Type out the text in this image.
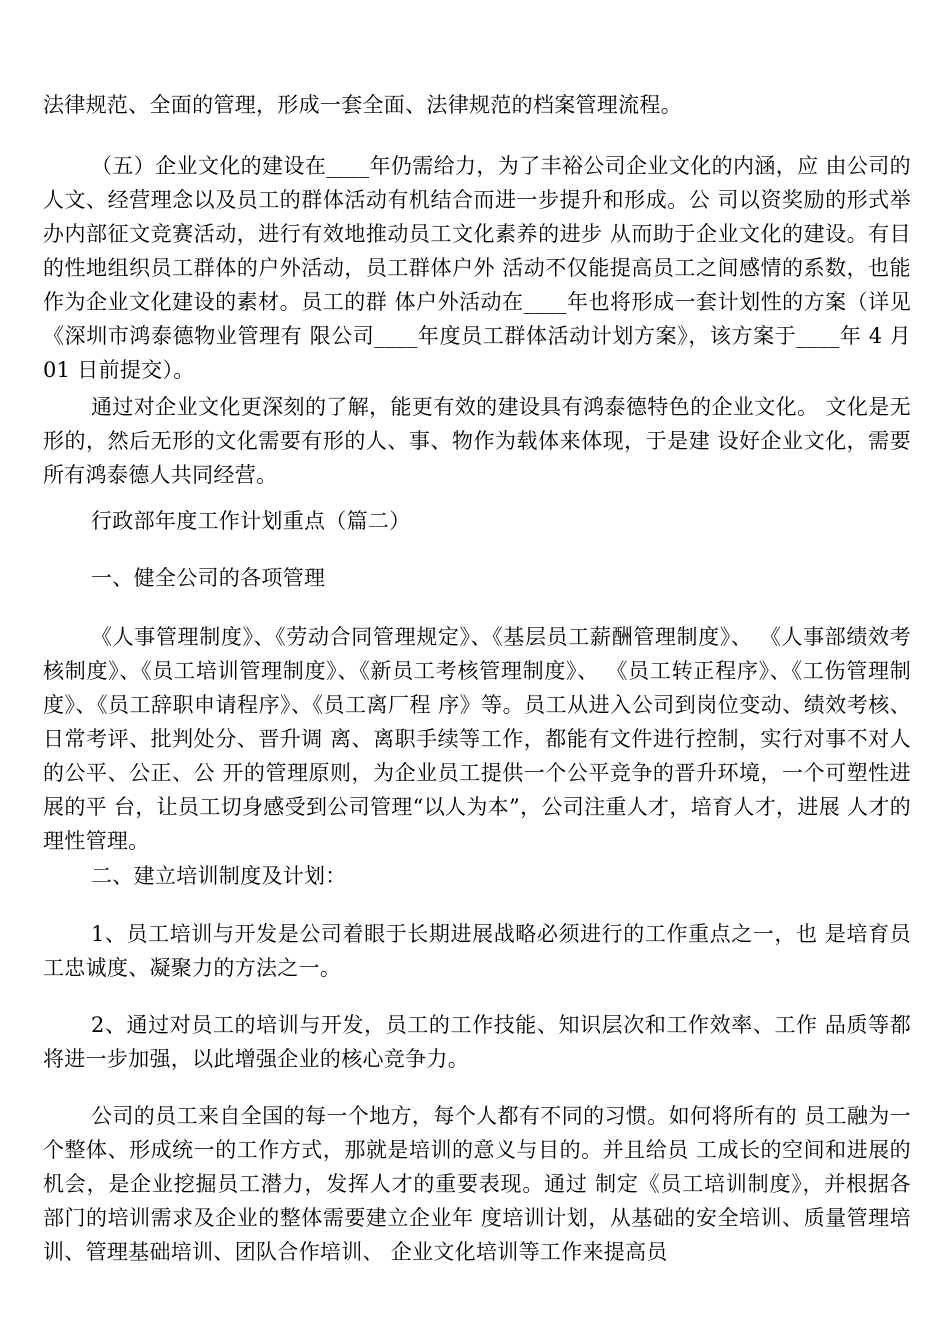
法律规范、全面的管理，形成一套全面、法律规范的档案管理流程。

（五）企业文化的建设在____年仍需给力，为了丰裕公司企业文化的内涵，应 由公司的人文、经营理念以及员工的群体活动有机结合而进一步提升和形成。公 司以资奖励的形式举办内部征文竞赛活动，进行有效地推动员工文化素养的进步 从而助于企业文化的建设。有目的性地组织员工群体的户外活动，员工群体户外 活动不仅能提高员工之间感情的系数，也能作为企业文化建设的素材。员工的群 体户外活动在____年也将形成一套计划性的方案（详见《深圳市鸿泰德物业管理有 限公司____年度员工群体活动计划方案》，该方案于____年 4 月 01 日前提交）。

通过对企业文化更深刻的了解，能更有效的建设具有鸿泰德特色的企业文化。 文化是无形的，然后无形的文化需要有形的人、事、物作为载体来体现，于是建 设好企业文化，需要所有鸿泰德人共同经营。

行政部年度工作计划重点（篇二）

一、健全公司的各项管理

《人事管理制度》、《劳动合同管理规定》、《基层员工薪酬管理制度》、 《人事部绩效考核制度》、《员工培训管理制度》、《新员工考核管理制度》、 《员工转正程序》、《工伤管理制度》、《员工辞职申请程序》、《员工离厂程 序》等。员工从进入公司到岗位变动、绩效考核、日常考评、批判处分、晋升调 离、离职手续等工作，都能有文件进行控制，实行对事不对人的公平、公正、公 开的管理原则，为企业员工提供一个公平竞争的晋升环境，一个可塑性进展的平 台，让员工切身感受到公司管理“以人为本”，公司注重人才，培育人才，进展 人才的理性管理。

二、建立培训制度及计划：

1、员工培训与开发是公司着眼于长期进展战略必须进行的工作重点之一，也 是培育员工忠诚度、凝聚力的方法之一。

2、通过对员工的培训与开发，员工的工作技能、知识层次和工作效率、工作 品质等都将进一步加强，以此增强企业的核心竞争力。

公司的员工来自全国的每一个地方，每个人都有不同的习惯。如何将所有的 员工融为一个整体、形成统一的工作方式，那就是培训的意义与目的。并且给员 工成长的空间和进展的机会，是企业挖掘员工潜力，发挥人才的重要表现。通过 制定《员工培训制度》，并根据各部门的培训需求及企业的整体需要建立企业年 度培训计划，从基础的安全培训、质量管理培训、管理基础培训、团队合作培训、 企业文化培训等工作来提高员
